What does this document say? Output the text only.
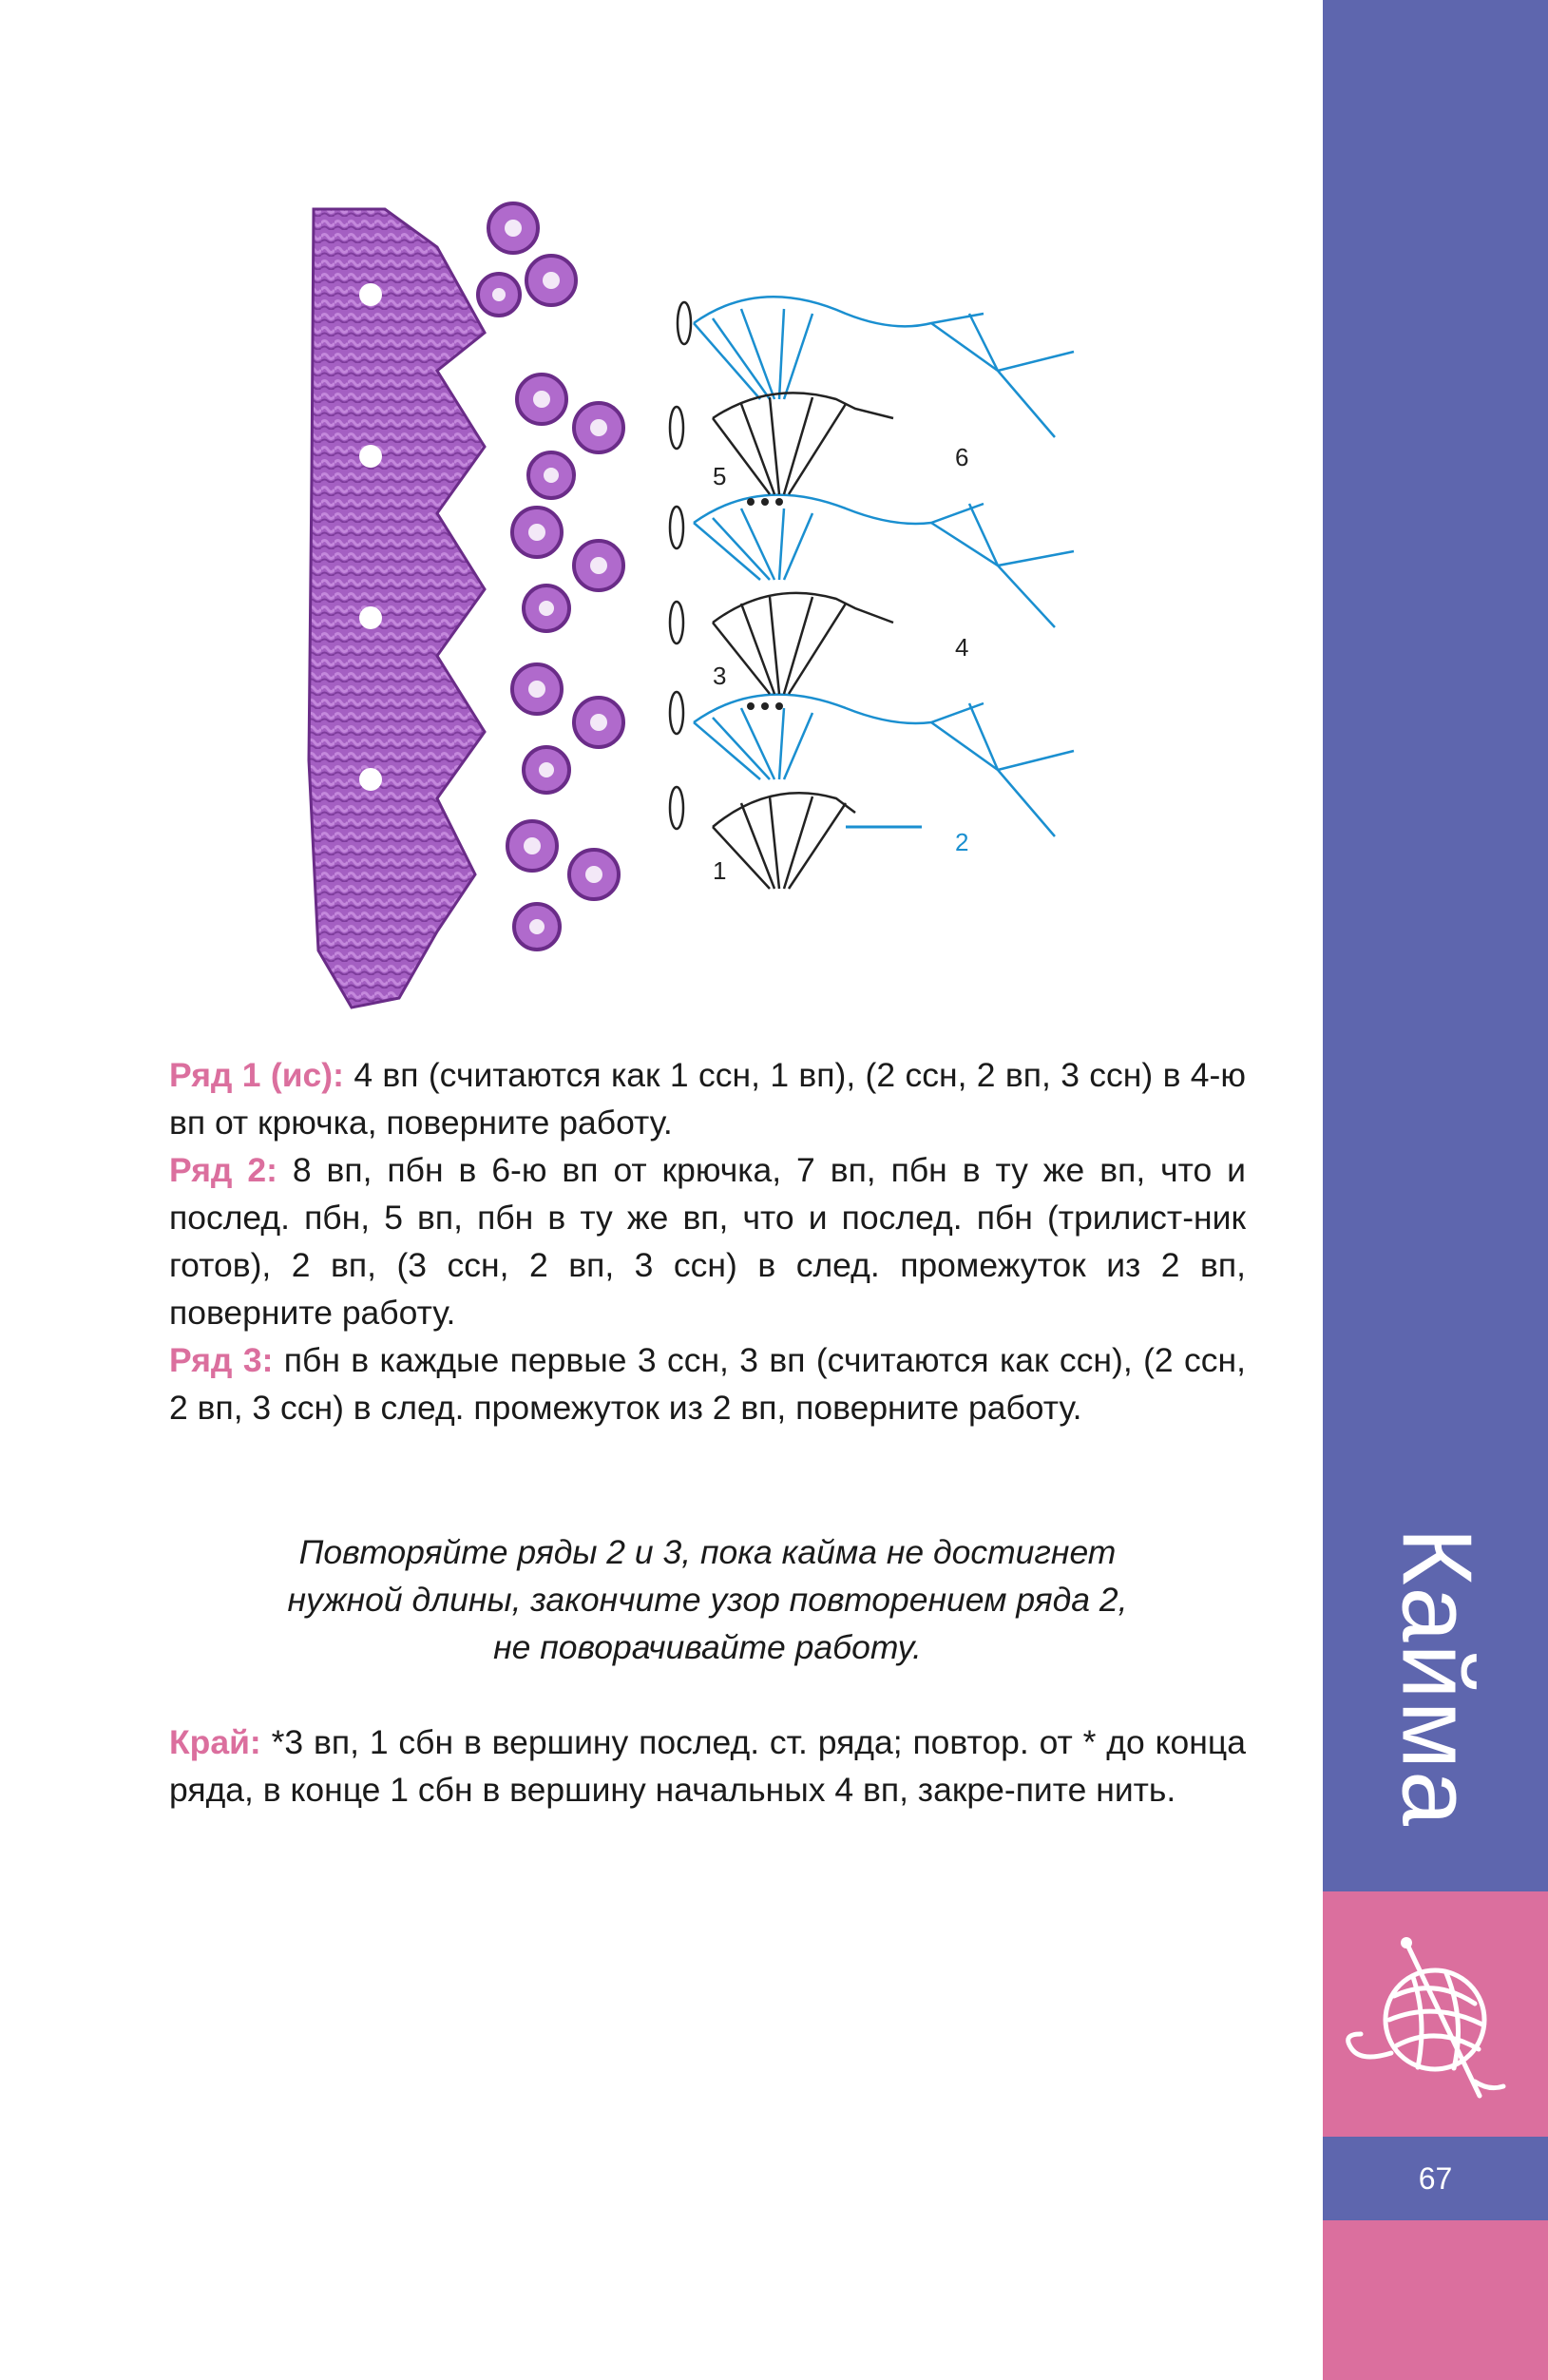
1
2
3
4
5
6

Ряд 1 (ис): 4 вп (считаются как 1 ссн, 1 вп), (2 ссн, 2 вп, 3 ссн) в 4-ю вп от крючка, поверните работу.

Ряд 2: 8 вп, пбн в 6-ю вп от крючка, 7 вп, пбн в ту же вп, что и послед. пбн, 5 вп, пбн в ту же вп, что и послед. пбн (трилист-ник готов), 2 вп, (3 ссн, 2 вп, 3 ссн) в след. промежуток из 2 вп, поверните работу.

Ряд 3: пбн в каждые первые 3 ссн, 3 вп (считаются как ссн), (2 ссн, 2 вп, 3 ссн) в след. промежуток из 2 вп, поверните работу.

Повторяйте ряды 2 и 3, пока кайма не достигнет
нужной длины, закончите узор повторением ряда 2,
не поворачивайте работу.

Край: *3 вп, 1 сбн в вершину послед. ст. ряда; повтор. от * до конца ряда, в конце 1 сбн в вершину начальных 4 вп, закре-пите нить.	Кайма
67
